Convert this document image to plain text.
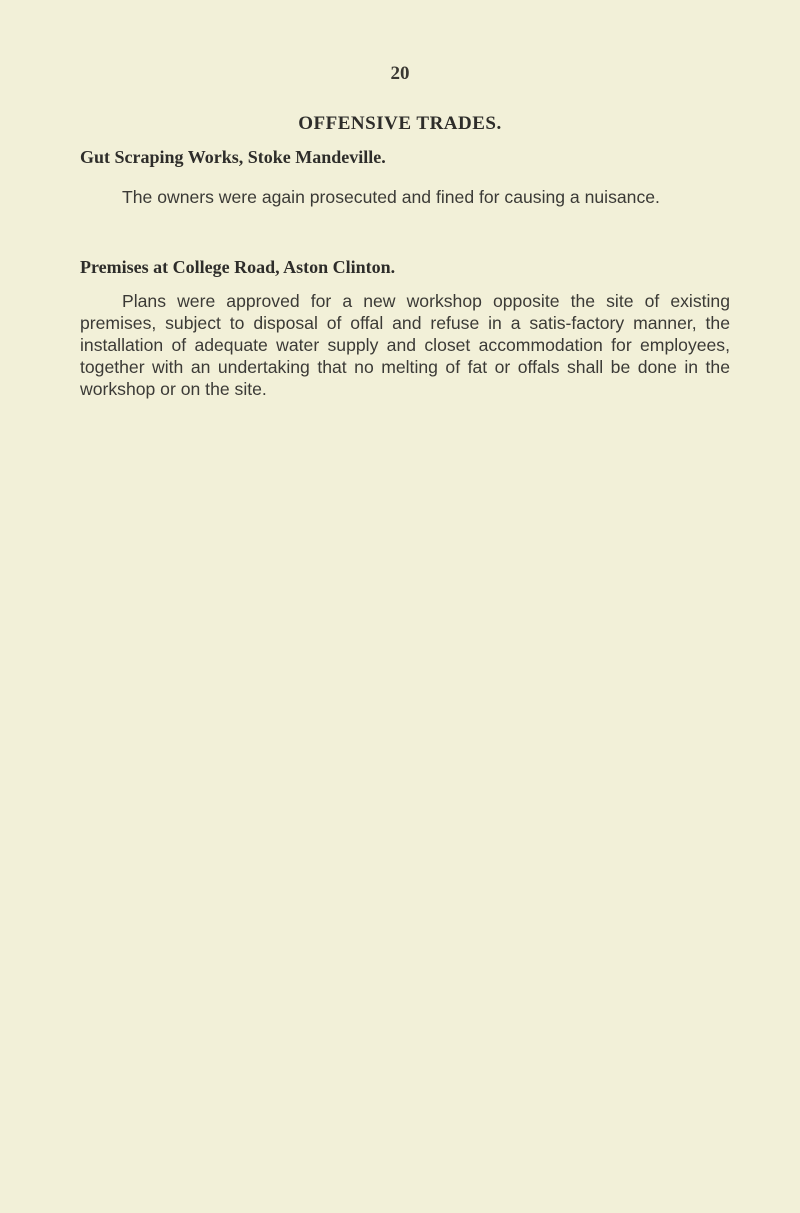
20
OFFENSIVE TRADES.
Gut Scraping Works, Stoke Mandeville.
The owners were again prosecuted and fined for causing a nuisance.
Premises at College Road, Aston Clinton.
Plans were approved for a new workshop opposite the site of existing premises, subject to disposal of offal and refuse in a satis-factory manner, the installation of adequate water supply and closet accommodation for employees, together with an undertaking that no melting of fat or offals shall be done in the workshop or on the site.
